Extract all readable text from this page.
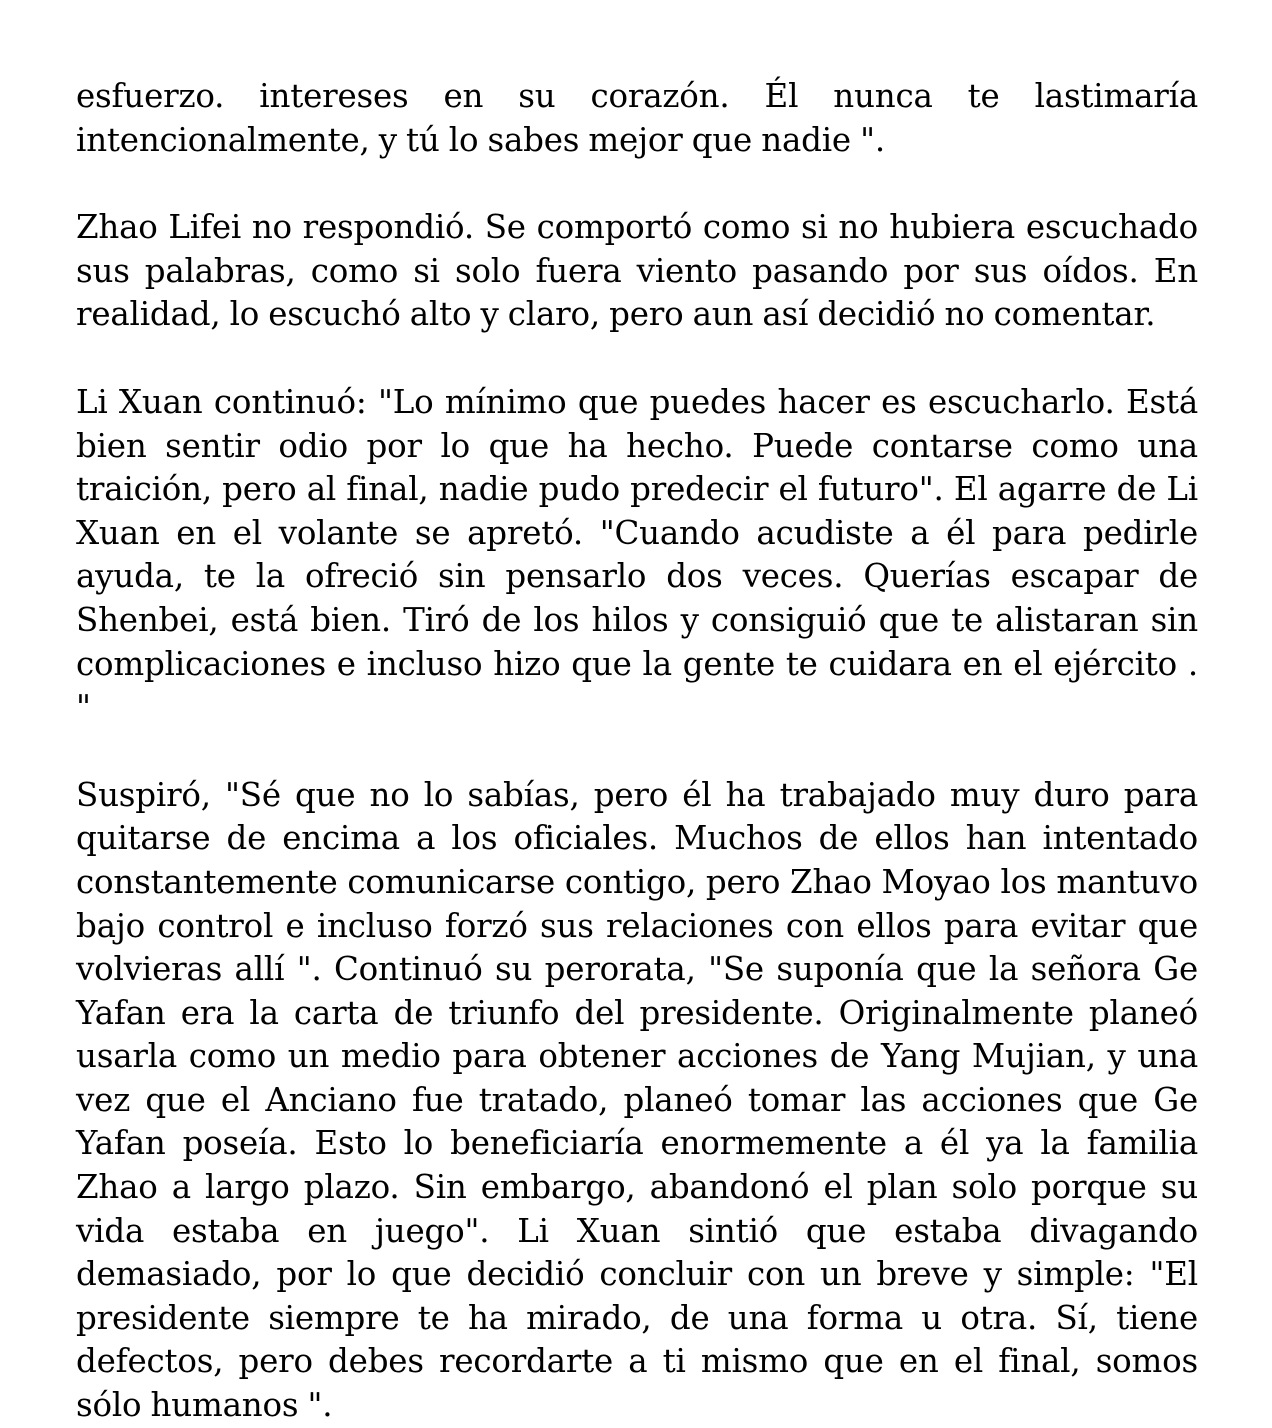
esfuerzo. intereses en su corazón. Él nunca te lastimaría intencionalmente, y tú lo sabes mejor que nadie ".

Zhao Lifei no respondió. Se comportó como si no hubiera escuchado sus palabras, como si solo fuera viento pasando por sus oídos. En realidad, lo escuchó alto y claro, pero aun así decidió no comentar.

Li Xuan continuó: "Lo mínimo que puedes hacer es escucharlo. Está bien sentir odio por lo que ha hecho. Puede contarse como una traición, pero al final, nadie pudo predecir el futuro". El agarre de Li Xuan en el volante se apretó. "Cuando acudiste a él para pedirle ayuda, te la ofreció sin pensarlo dos veces. Querías escapar de Shenbei, está bien. Tiró de los hilos y consiguió que te alistaran sin complicaciones e incluso hizo que la gente te cuidara en el ejército . "

Suspiró, "Sé que no lo sabías, pero él ha trabajado muy duro para quitarse de encima a los oficiales. Muchos de ellos han intentado constantemente comunicarse contigo, pero Zhao Moyao los mantuvo bajo control e incluso forzó sus relaciones con ellos para evitar que volvieras allí ". Continuó su perorata, "Se suponía que la señora Ge Yafan era la carta de triunfo del presidente. Originalmente planeó usarla como un medio para obtener acciones de Yang Mujian, y una vez que el Anciano fue tratado, planeó tomar las acciones que Ge Yafan poseía. Esto lo beneficiaría enormemente a él ya la familia Zhao a largo plazo. Sin embargo, abandonó el plan solo porque su vida estaba en juego". Li Xuan sintió que estaba divagando demasiado, por lo que decidió concluir con un breve y simple: "El presidente siempre te ha mirado, de una forma u otra. Sí, tiene defectos, pero debes recordarte a ti mismo que en el final, somos sólo humanos ".
